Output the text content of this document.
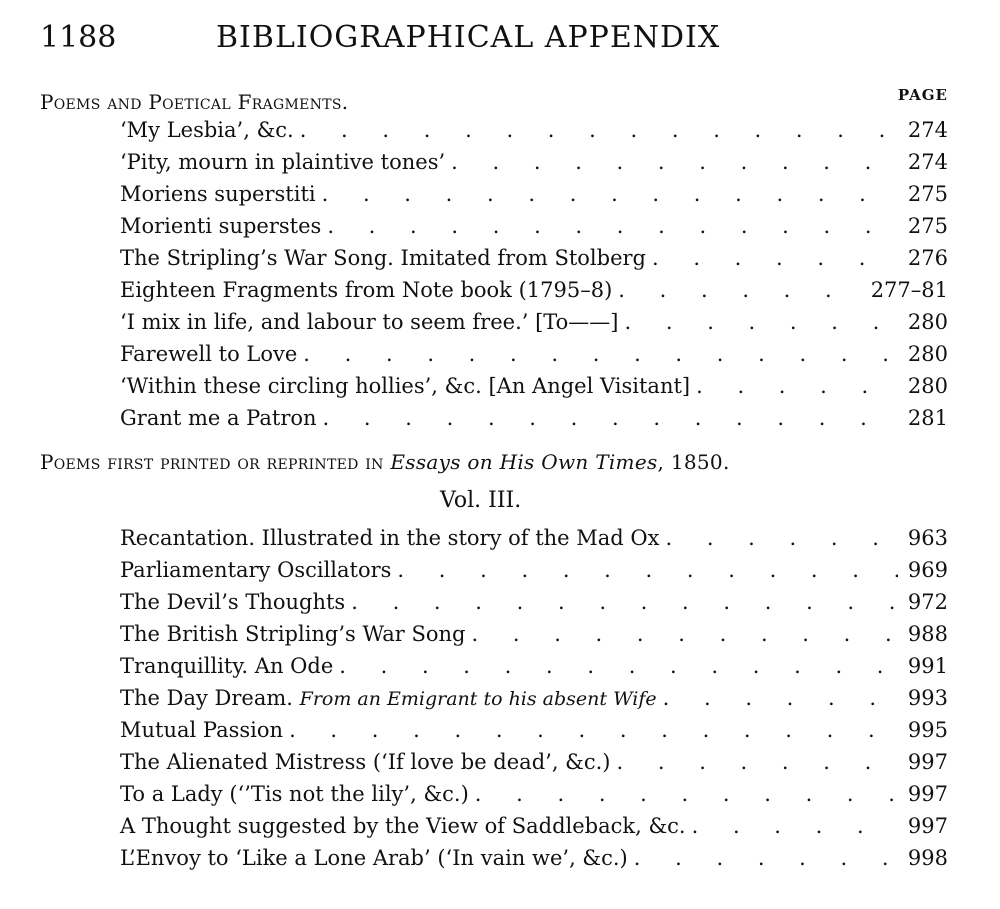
1188	BIBLIOGRAPHICAL APPENDIX
Poems and Poetical Fragments.	PAGE
‘My Lesbia’, &c. . . .	274
‘Pity, mourn in plaintive tones’ . . .	274
Moriens superstiti . . .	275
Morienti superstes . . .	275
The Stripling’s War Song. Imitated from Stolberg . . .	276
Eighteen Fragments from Note book (1795–8) . . .	277–81
‘I mix in life, and labour to seem free.’ [To——] . . .	280
Farewell to Love . . .	280
‘Within these circling hollies’, &c. [An Angel Visitant] . . .	280
Grant me a Patron . . .	281
Poems first printed or reprinted in Essays on His Own Times, 1850.
Vol. III.
Recantation. Illustrated in the story of the Mad Ox . . .	963
Parliamentary Oscillators . . .	969
The Devil’s Thoughts . . .	972
The British Stripling’s War Song . . .	988
Tranquillity. An Ode . . .	991
The Day Dream. From an Emigrant to his absent Wife . . .	993
Mutual Passion . . .	995
The Alienated Mistress (‘If love be dead’, &c.) . . .	997
To a Lady (‘’Tis not the lily’, &c.) . . .	997
A Thought suggested by the View of Saddleback, &c. . . .	997
L’Envoy to ‘Like a Lone Arab’ (‘In vain we’, &c.) . . .	998
